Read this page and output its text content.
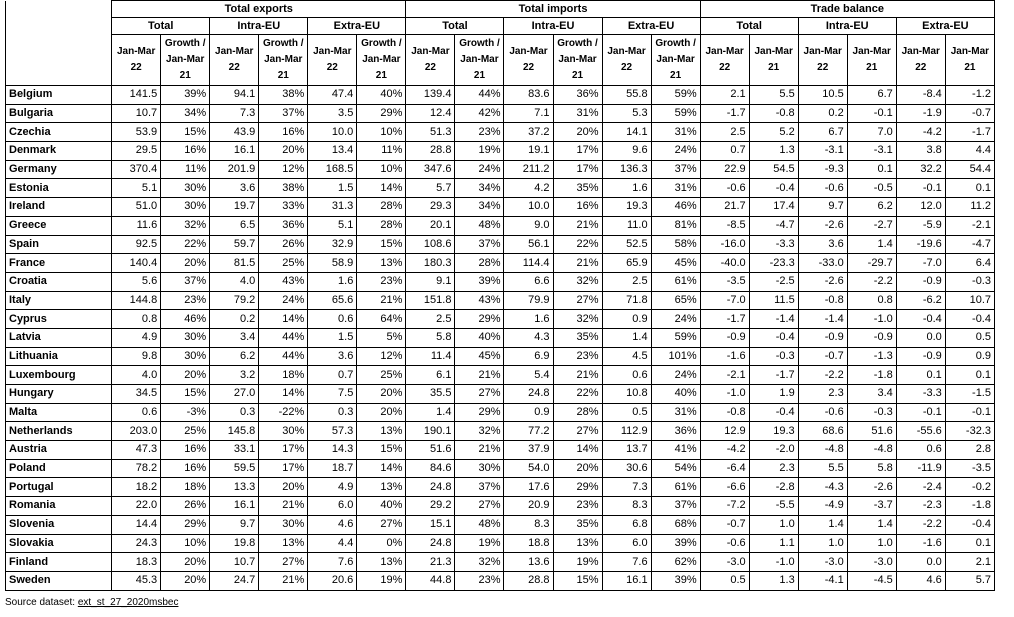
	Total exports						Total imports						Trade balance					
	Total		Intra-EU		Extra-EU		Total		Intra-EU		Extra-EU		Total		Intra-EU		Extra-EU	
	Jan-Mar 22	Growth / Jan-Mar 21	Jan-Mar 22	Growth / Jan-Mar 21	Jan-Mar 22	Growth / Jan-Mar 21	Jan-Mar 22	Growth / Jan-Mar 21	Jan-Mar 22	Growth / Jan-Mar 21	Jan-Mar 22	Growth / Jan-Mar 21	Jan-Mar 22	Jan-Mar 21	Jan-Mar 22	Jan-Mar 21	Jan-Mar 22	Jan-Mar 21
Belgium	141.5	39%	94.1	38%	47.4	40%	139.4	44%	83.6	36%	55.8	59%	2.1	5.5	10.5	6.7	-8.4	-1.2
Bulgaria	10.7	34%	7.3	37%	3.5	29%	12.4	42%	7.1	31%	5.3	59%	-1.7	-0.8	0.2	-0.1	-1.9	-0.7
Czechia	53.9	15%	43.9	16%	10.0	10%	51.3	23%	37.2	20%	14.1	31%	2.5	5.2	6.7	7.0	-4.2	-1.7
Denmark	29.5	16%	16.1	20%	13.4	11%	28.8	19%	19.1	17%	9.6	24%	0.7	1.3	-3.1	-3.1	3.8	4.4
Germany	370.4	11%	201.9	12%	168.5	10%	347.6	24%	211.2	17%	136.3	37%	22.9	54.5	-9.3	0.1	32.2	54.4
Estonia	5.1	30%	3.6	38%	1.5	14%	5.7	34%	4.2	35%	1.6	31%	-0.6	-0.4	-0.6	-0.5	-0.1	0.1
Ireland	51.0	30%	19.7	33%	31.3	28%	29.3	34%	10.0	16%	19.3	46%	21.7	17.4	9.7	6.2	12.0	11.2
Greece	11.6	32%	6.5	36%	5.1	28%	20.1	48%	9.0	21%	11.0	81%	-8.5	-4.7	-2.6	-2.7	-5.9	-2.1
Spain	92.5	22%	59.7	26%	32.9	15%	108.6	37%	56.1	22%	52.5	58%	-16.0	-3.3	3.6	1.4	-19.6	-4.7
France	140.4	20%	81.5	25%	58.9	13%	180.3	28%	114.4	21%	65.9	45%	-40.0	-23.3	-33.0	-29.7	-7.0	6.4
Croatia	5.6	37%	4.0	43%	1.6	23%	9.1	39%	6.6	32%	2.5	61%	-3.5	-2.5	-2.6	-2.2	-0.9	-0.3
Italy	144.8	23%	79.2	24%	65.6	21%	151.8	43%	79.9	27%	71.8	65%	-7.0	11.5	-0.8	0.8	-6.2	10.7
Cyprus	0.8	46%	0.2	14%	0.6	64%	2.5	29%	1.6	32%	0.9	24%	-1.7	-1.4	-1.4	-1.0	-0.4	-0.4
Latvia	4.9	30%	3.4	44%	1.5	5%	5.8	40%	4.3	35%	1.4	59%	-0.9	-0.4	-0.9	-0.9	0.0	0.5
Lithuania	9.8	30%	6.2	44%	3.6	12%	11.4	45%	6.9	23%	4.5	101%	-1.6	-0.3	-0.7	-1.3	-0.9	0.9
Luxembourg	4.0	20%	3.2	18%	0.7	25%	6.1	21%	5.4	21%	0.6	24%	-2.1	-1.7	-2.2	-1.8	0.1	0.1
Hungary	34.5	15%	27.0	14%	7.5	20%	35.5	27%	24.8	22%	10.8	40%	-1.0	1.9	2.3	3.4	-3.3	-1.5
Malta	0.6	-3%	0.3	-22%	0.3	20%	1.4	29%	0.9	28%	0.5	31%	-0.8	-0.4	-0.6	-0.3	-0.1	-0.1
Netherlands	203.0	25%	145.8	30%	57.3	13%	190.1	32%	77.2	27%	112.9	36%	12.9	19.3	68.6	51.6	-55.6	-32.3
Austria	47.3	16%	33.1	17%	14.3	15%	51.6	21%	37.9	14%	13.7	41%	-4.2	-2.0	-4.8	-4.8	0.6	2.8
Poland	78.2	16%	59.5	17%	18.7	14%	84.6	30%	54.0	20%	30.6	54%	-6.4	2.3	5.5	5.8	-11.9	-3.5
Portugal	18.2	18%	13.3	20%	4.9	13%	24.8	37%	17.6	29%	7.3	61%	-6.6	-2.8	-4.3	-2.6	-2.4	-0.2
Romania	22.0	26%	16.1	21%	6.0	40%	29.2	27%	20.9	23%	8.3	37%	-7.2	-5.5	-4.9	-3.7	-2.3	-1.8
Slovenia	14.4	29%	9.7	30%	4.6	27%	15.1	48%	8.3	35%	6.8	68%	-0.7	1.0	1.4	1.4	-2.2	-0.4
Slovakia	24.3	10%	19.8	13%	4.4	0%	24.8	19%	18.8	13%	6.0	39%	-0.6	1.1	1.0	1.0	-1.6	0.1
Finland	18.3	20%	10.7	27%	7.6	13%	21.3	32%	13.6	19%	7.6	62%	-3.0	-1.0	-3.0	-3.0	0.0	2.1
Sweden	45.3	20%	24.7	21%	20.6	19%	44.8	23%	28.8	15%	16.1	39%	0.5	1.3	-4.1	-4.5	4.6	5.7
Source dataset: ext_st_27_2020msbec
